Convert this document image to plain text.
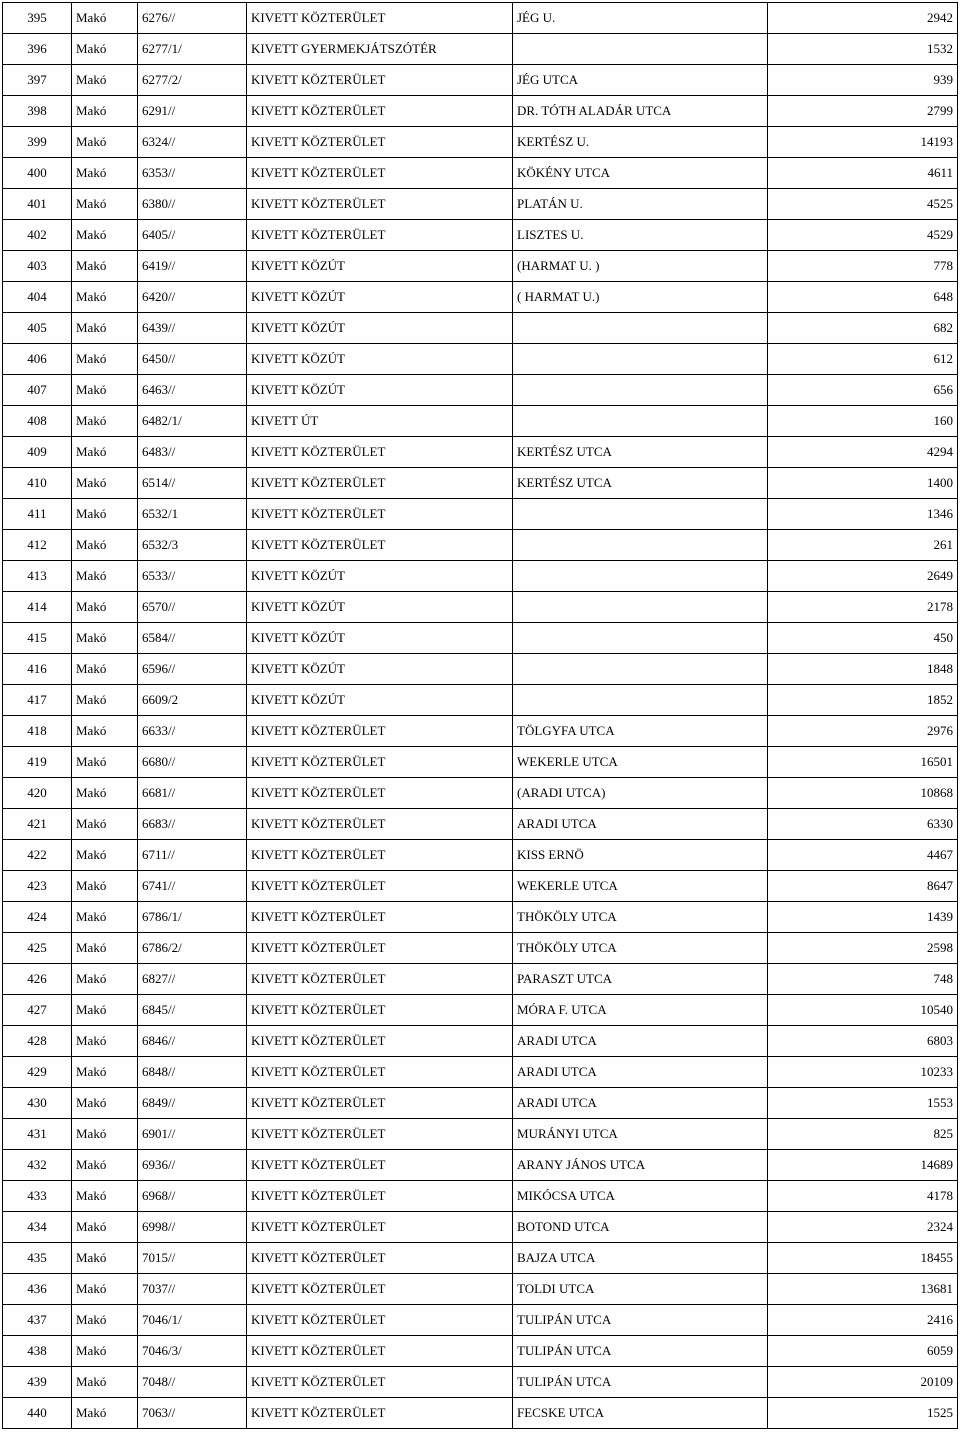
395	Makó	6276//	KIVETT KÖZTERÜLET	JÉG U.	2942
396	Makó	6277/1/	KIVETT GYERMEKJÁTSZÓTÉR		1532
397	Makó	6277/2/	KIVETT KÖZTERÜLET	JÉG UTCA	939
398	Makó	6291//	KIVETT KÖZTERÜLET	DR. TÓTH ALADÁR UTCA	2799
399	Makó	6324//	KIVETT KÖZTERÜLET	KERTÉSZ U.	14193
400	Makó	6353//	KIVETT KÖZTERÜLET	KÖKÉNY UTCA	4611
401	Makó	6380//	KIVETT KÖZTERÜLET	PLATÁN U.	4525
402	Makó	6405//	KIVETT KÖZTERÜLET	LISZTES U.	4529
403	Makó	6419//	KIVETT KÖZÚT	(HARMAT U. )	778
404	Makó	6420//	KIVETT KÖZÚT	( HARMAT U.)	648
405	Makó	6439//	KIVETT KÖZÚT		682
406	Makó	6450//	KIVETT KÖZÚT		612
407	Makó	6463//	KIVETT KÖZÚT		656
408	Makó	6482/1/	KIVETT ÚT		160
409	Makó	6483//	KIVETT KÖZTERÜLET	KERTÉSZ UTCA	4294
410	Makó	6514//	KIVETT KÖZTERÜLET	KERTÉSZ UTCA	1400
411	Makó	6532/1	KIVETT KÖZTERÜLET		1346
412	Makó	6532/3	KIVETT KÖZTERÜLET		261
413	Makó	6533//	KIVETT KÖZÚT		2649
414	Makó	6570//	KIVETT KÖZÚT		2178
415	Makó	6584//	KIVETT KÖZÚT		450
416	Makó	6596//	KIVETT KÖZÚT		1848
417	Makó	6609/2	KIVETT KÖZÚT		1852
418	Makó	6633//	KIVETT KÖZTERÜLET	TÖLGYFA UTCA	2976
419	Makó	6680//	KIVETT KÖZTERÜLET	WEKERLE UTCA	16501
420	Makó	6681//	KIVETT KÖZTERÜLET	(ARADI UTCA)	10868
421	Makó	6683//	KIVETT KÖZTERÜLET	ARADI UTCA	6330
422	Makó	6711//	KIVETT KÖZTERÜLET	KISS ERNÖ	4467
423	Makó	6741//	KIVETT KÖZTERÜLET	WEKERLE UTCA	8647
424	Makó	6786/1/	KIVETT KÖZTERÜLET	THÖKÖLY UTCA	1439
425	Makó	6786/2/	KIVETT KÖZTERÜLET	THÖKÖLY UTCA	2598
426	Makó	6827//	KIVETT KÖZTERÜLET	PARASZT UTCA	748
427	Makó	6845//	KIVETT KÖZTERÜLET	MÓRA F. UTCA	10540
428	Makó	6846//	KIVETT KÖZTERÜLET	ARADI UTCA	6803
429	Makó	6848//	KIVETT KÖZTERÜLET	ARADI UTCA	10233
430	Makó	6849//	KIVETT KÖZTERÜLET	ARADI UTCA	1553
431	Makó	6901//	KIVETT KÖZTERÜLET	MURÁNYI UTCA	825
432	Makó	6936//	KIVETT KÖZTERÜLET	ARANY JÁNOS UTCA	14689
433	Makó	6968//	KIVETT KÖZTERÜLET	MIKÓCSA UTCA	4178
434	Makó	6998//	KIVETT KÖZTERÜLET	BOTOND UTCA	2324
435	Makó	7015//	KIVETT KÖZTERÜLET	BAJZA UTCA	18455
436	Makó	7037//	KIVETT KÖZTERÜLET	TOLDI UTCA	13681
437	Makó	7046/1/	KIVETT KÖZTERÜLET	TULIPÁN UTCA	2416
438	Makó	7046/3/	KIVETT KÖZTERÜLET	TULIPÁN UTCA	6059
439	Makó	7048//	KIVETT KÖZTERÜLET	TULIPÁN UTCA	20109
440	Makó	7063//	KIVETT KÖZTERÜLET	FECSKE UTCA	1525
